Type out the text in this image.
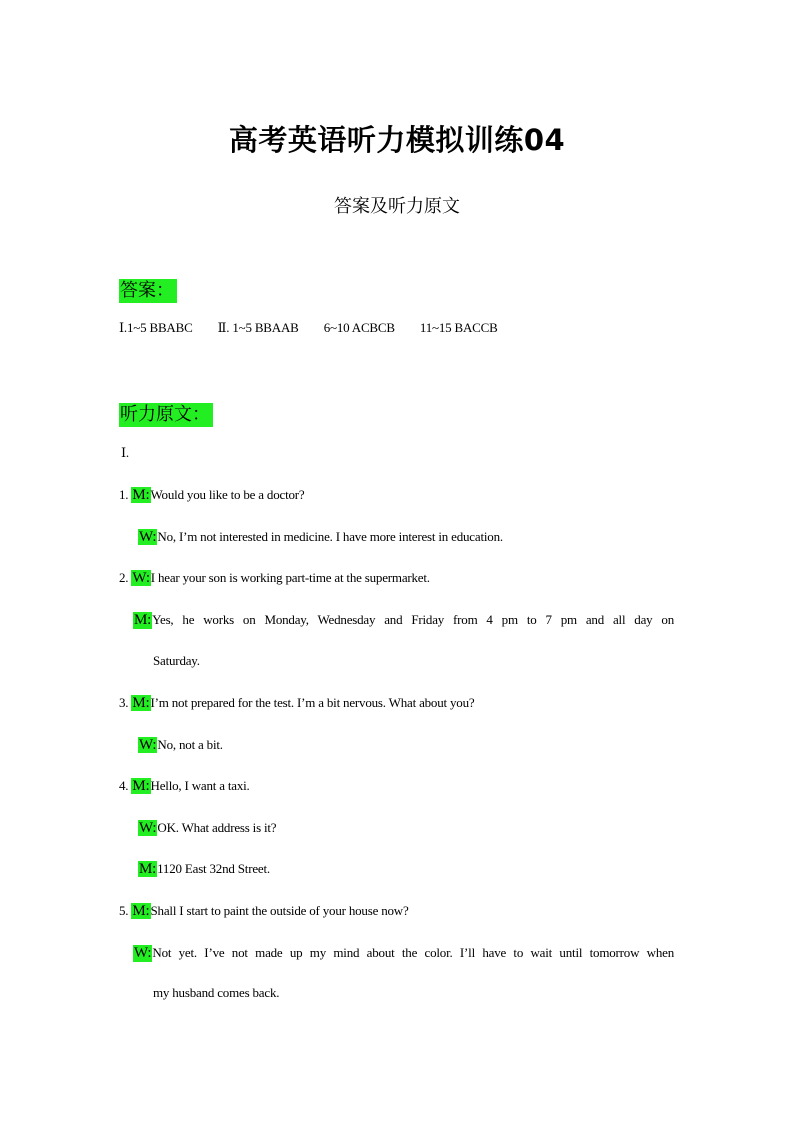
高考英语听力模拟训练04
答案及听力原文
答案：
Ⅰ.1~5 BBABC Ⅱ. 1~5 BBAAB 6~10 ACBCB 11~15 BACCB
听力原文：
Ⅰ.
1. M:Would you like to be a doctor?
W:No, I’m not interested in medicine. I have more interest in education.
2. W:I hear your son is working part-time at the supermarket.
M: Yes, he works on Monday, Wednesday and Friday from 4 pm to 7 pm and all day on
Saturday.
3. M:I’m not prepared for the test. I’m a bit nervous. What about you?
W:No, not a bit.
4. M:Hello, I want a taxi.
W:OK. What address is it?
M:1120 East 32nd Street.
5. M:Shall I start to paint the outside of your house now?
W: Not yet. I’ve not made up my mind about the color. I’ll have to wait until tomorrow when
my husband comes back.
